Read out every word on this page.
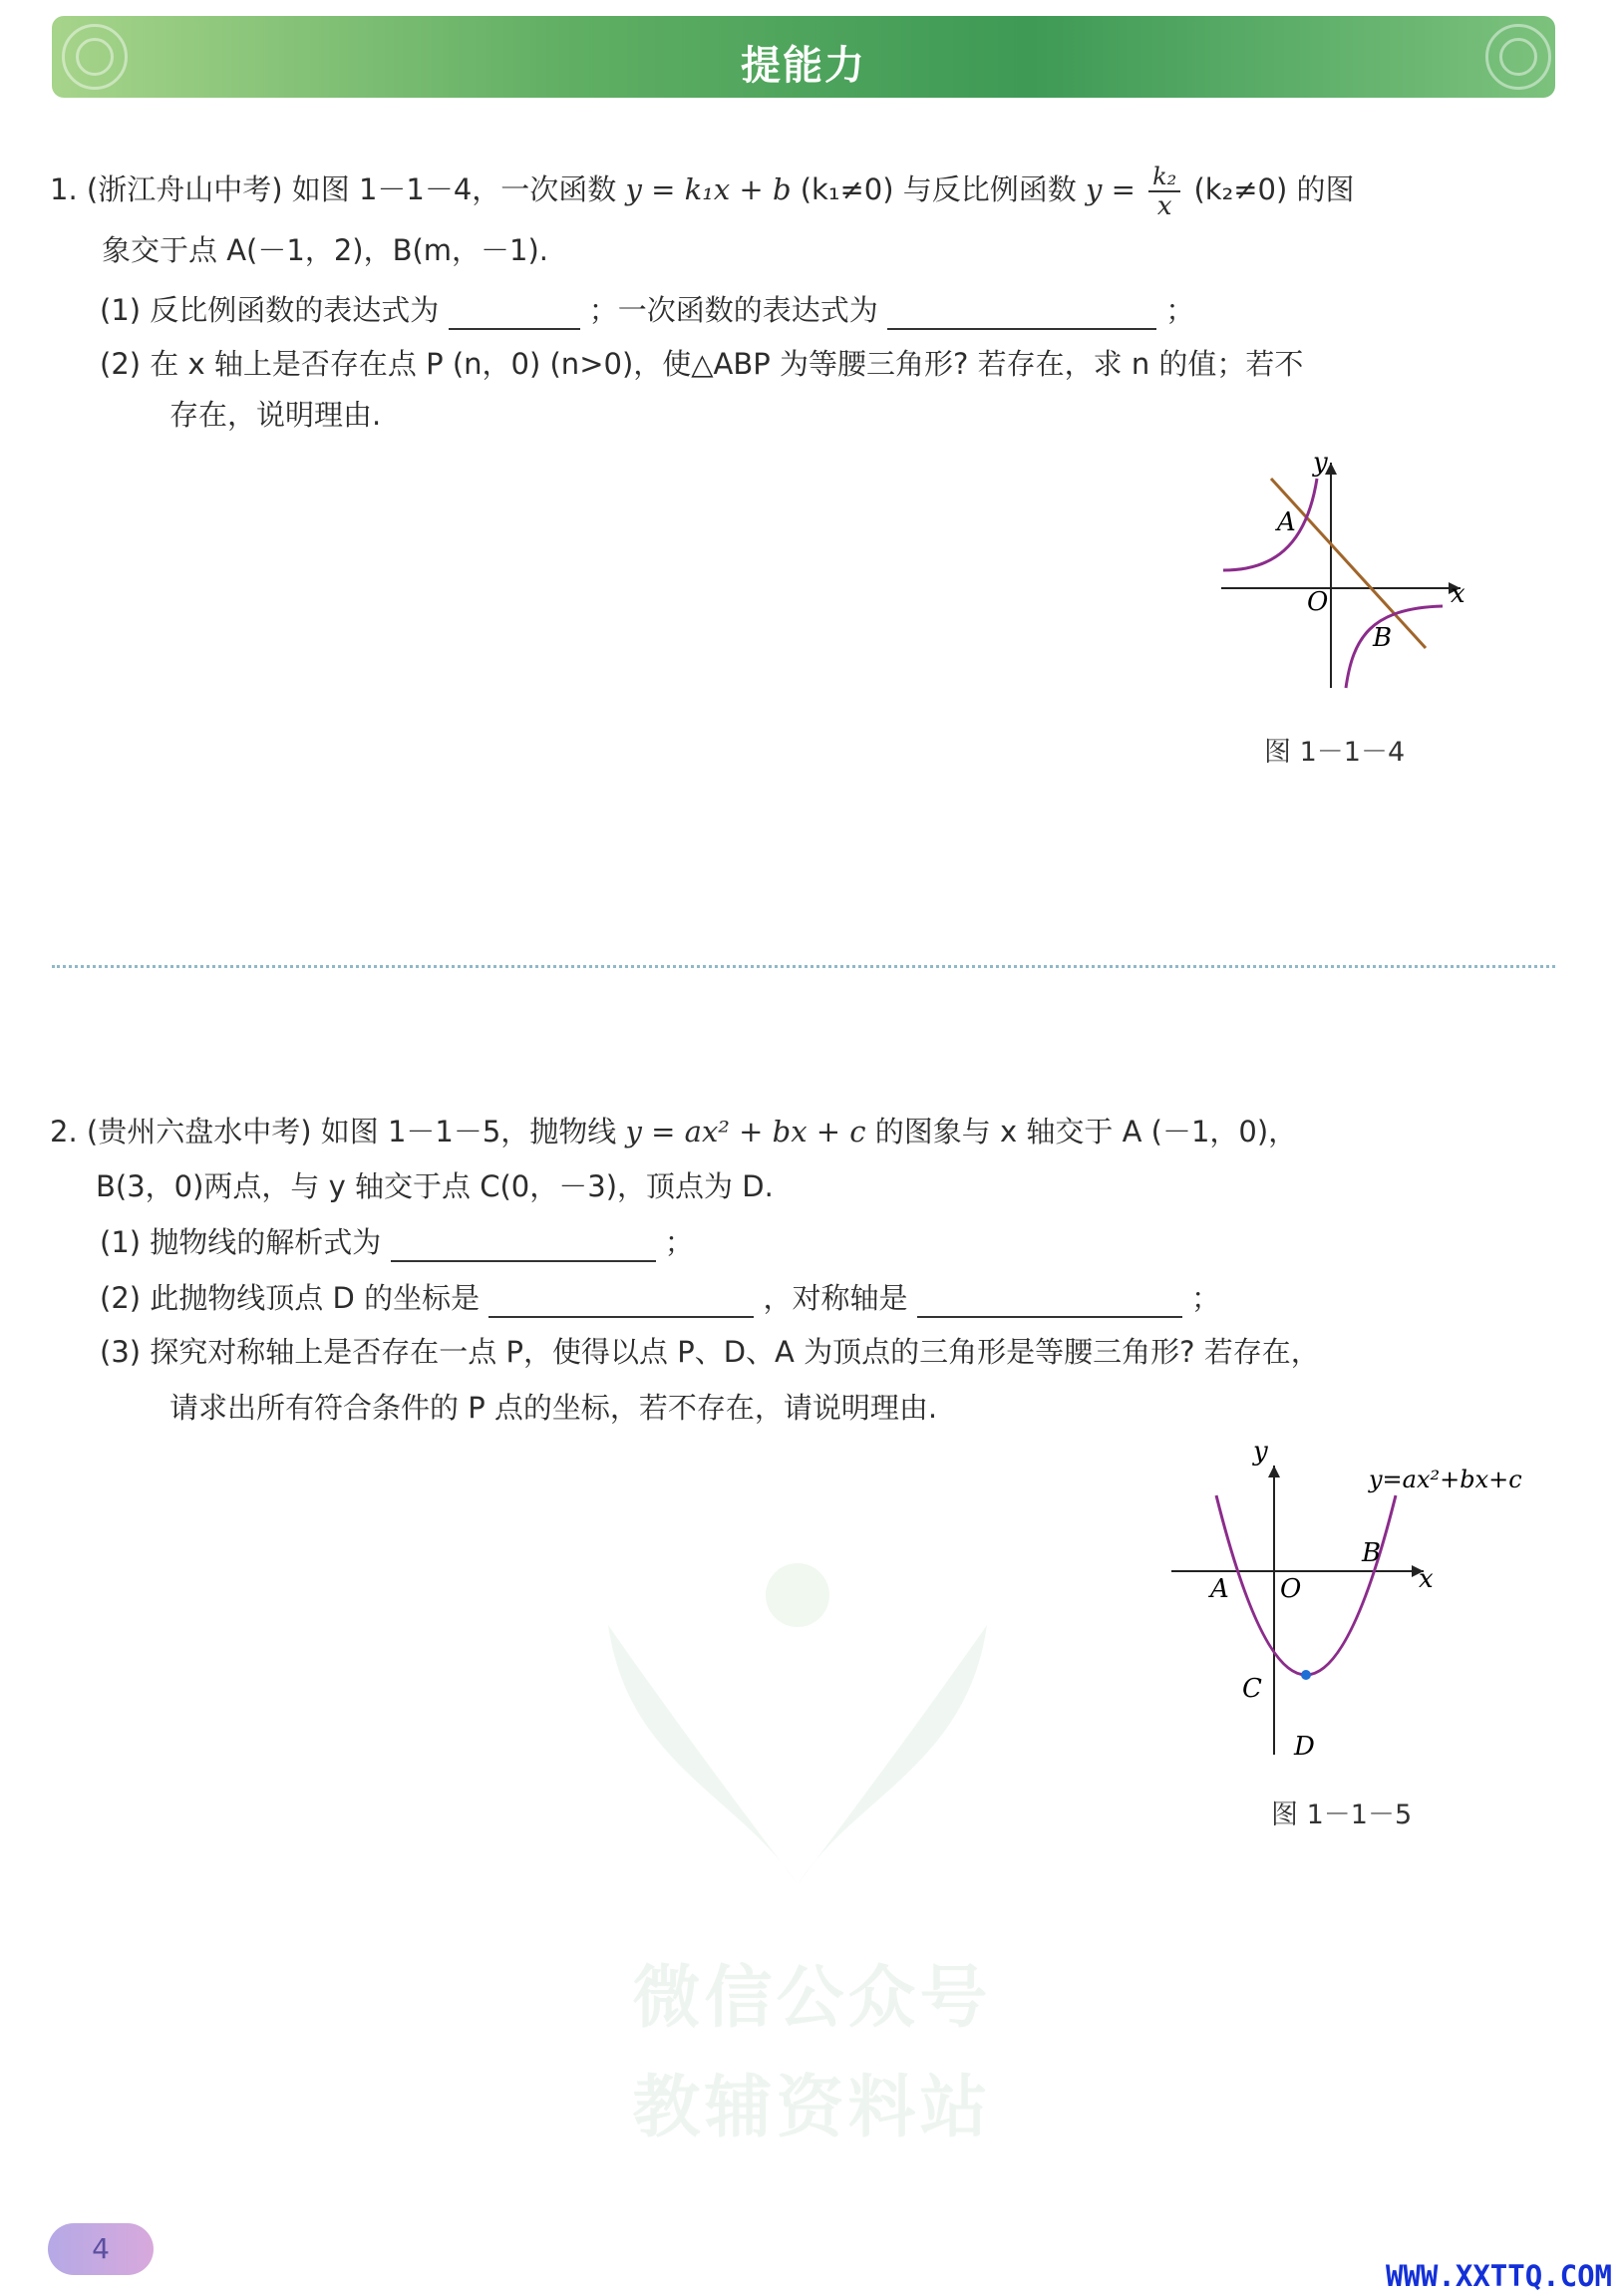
提能力
1. (浙江舟山中考) 如图 1－1－4，一次函数 y = k₁x + b (k₁≠0) 与反比例函数 $y = \frac{\text{k₂}}{x} (k_2\ne 0)$ 的图
象交于点 A(－1，2)，B(m，－1).
(1) 反比例函数的表达式为	；一次函数的表达式为	；
(2) 在 x 轴上是否存在点 P (n，0) (n>0)，使△ABP 为等腰三角形? 若存在，求 n 的值；若不
存在，说明理由.
y
x
O
A
B
图 1－1－4
微信公众号
教辅资料站
2. (贵州六盘水中考) 如图 1－1－5，抛物线 y = ax² + bx + c 的图象与 x 轴交于 A (－1，0)，
B(3，0)两点，与 y 轴交于点 C(0，－3)，顶点为 D.
(1) 抛物线的解析式为	；
(2) 此抛物线顶点 D 的坐标是	，对称轴是	；
(3) 探究对称轴上是否存在一点 P，使得以点 P、D、A 为顶点的三角形是等腰三角形? 若存在，
请求出所有符合条件的 P 点的坐标，若不存在，请说明理由.
y
x
O
A
B
C
D
y=ax²+bx+c
图 1－1－5
4
WWW.XXTTQ.COM
